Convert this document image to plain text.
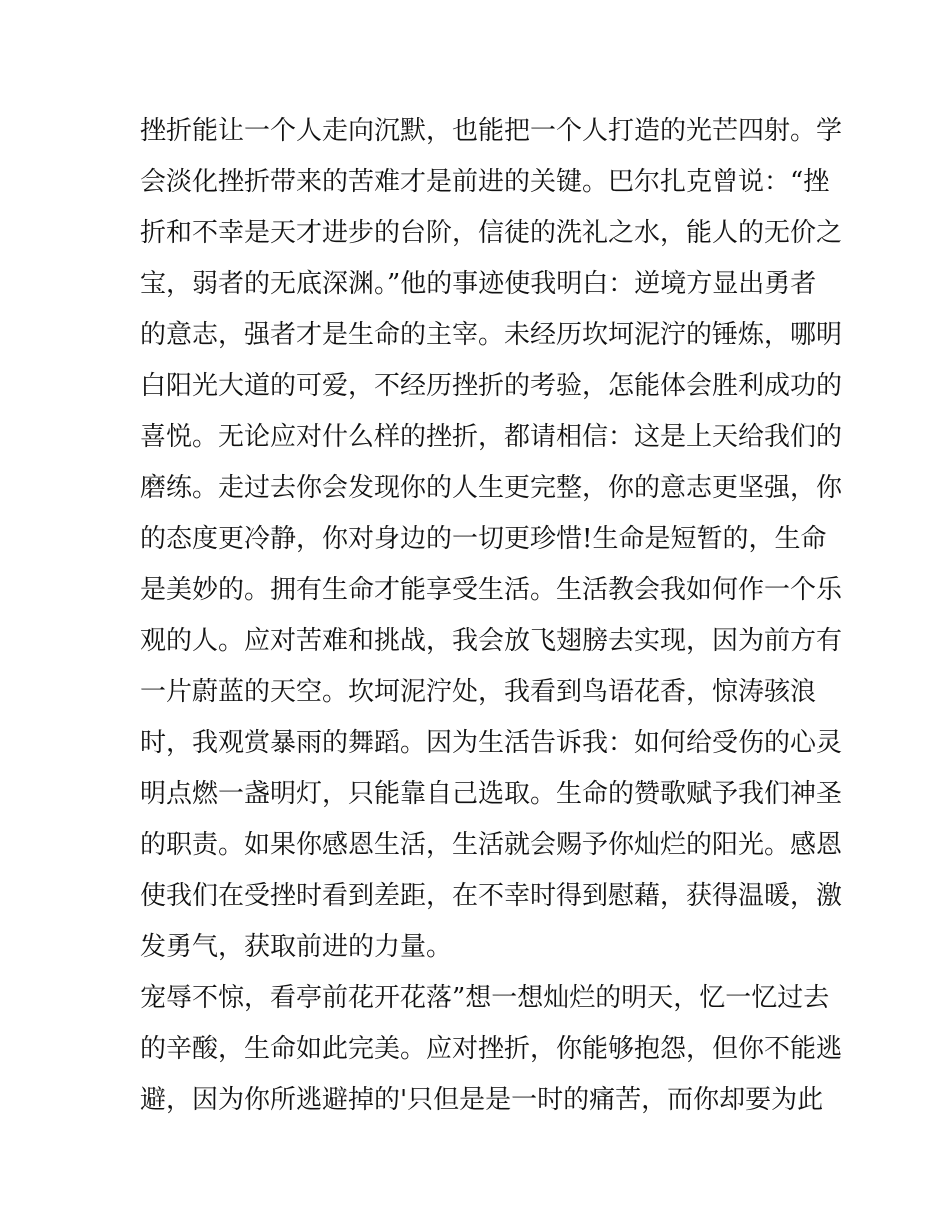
挫折能让一个人走向沉默，也能把一个人打造的光芒四射。学
会淡化挫折带来的苦难才是前进的关键。巴尔扎克曾说：“挫
折和不幸是天才进步的台阶，信徒的洗礼之水，能人的无价之
宝，弱者的无底深渊。”他的事迹使我明白：逆境方显出勇者
的意志，强者才是生命的主宰。未经历坎坷泥泞的锤炼，哪明
白阳光大道的可爱，不经历挫折的考验，怎能体会胜利成功的
喜悦。无论应对什么样的挫折，都请相信：这是上天给我们的
磨练。走过去你会发现你的人生更完整，你的意志更坚强，你
的态度更冷静，你对身边的一切更珍惜!生命是短暂的，生命
是美妙的。拥有生命才能享受生活。生活教会我如何作一个乐
观的人。应对苦难和挑战，我会放飞翅膀去实现，因为前方有
一片蔚蓝的天空。坎坷泥泞处，我看到鸟语花香，惊涛骇浪
时，我观赏暴雨的舞蹈。因为生活告诉我：如何给受伤的心灵
明点燃一盏明灯，只能靠自己选取。生命的赞歌赋予我们神圣
的职责。如果你感恩生活，生活就会赐予你灿烂的阳光。感恩
使我们在受挫时看到差距，在不幸时得到慰藉，获得温暖，激
发勇气，获取前进的力量。
宠辱不惊，看亭前花开花落”想一想灿烂的明天，忆一忆过去
的辛酸，生命如此完美。应对挫折，你能够抱怨，但你不能逃
避，因为你所逃避掉的'只但是是一时的痛苦，而你却要为此
